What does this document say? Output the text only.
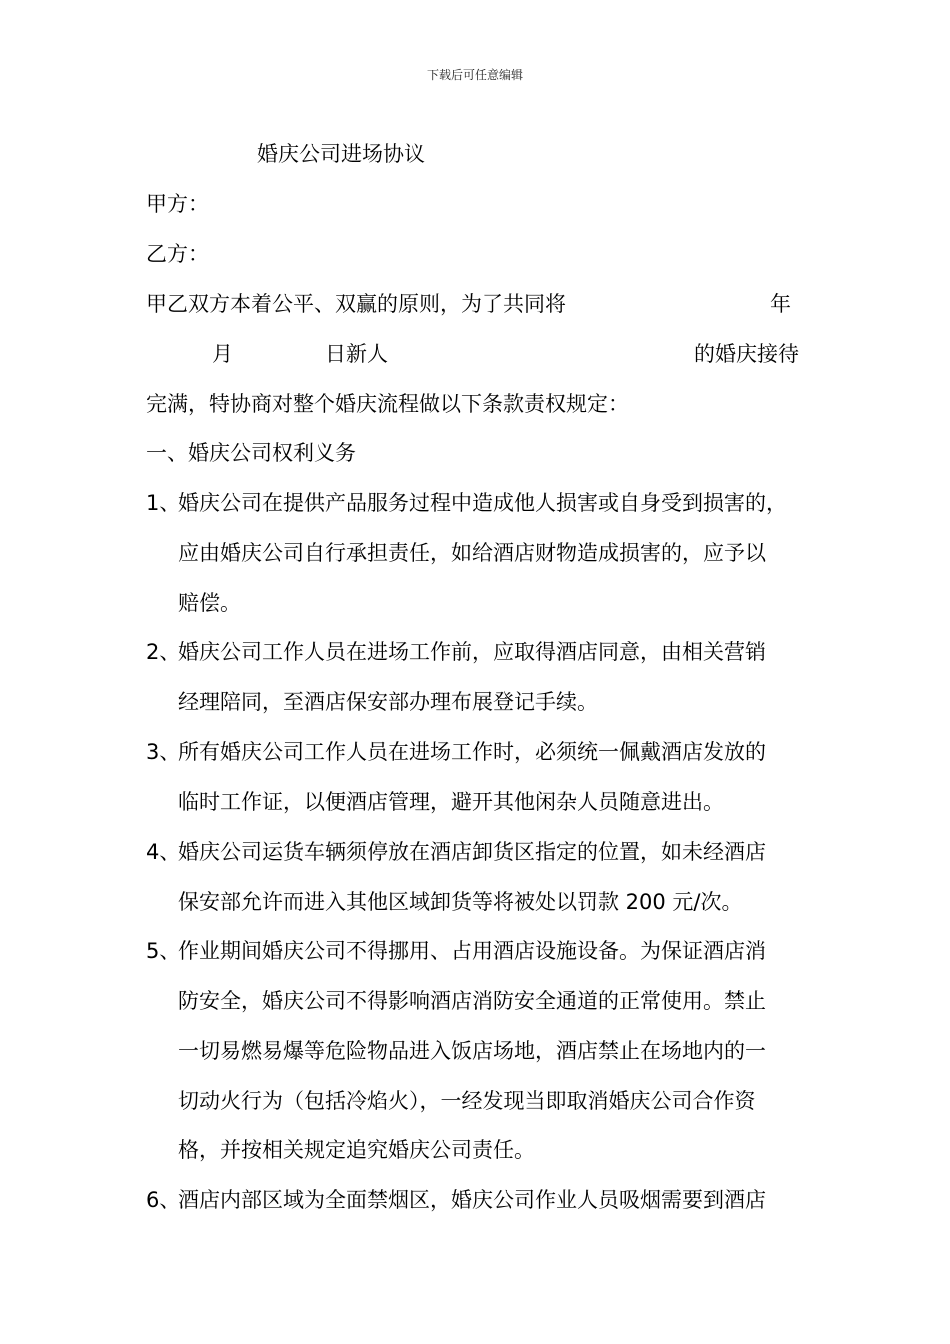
下载后可任意编辑
婚庆公司进场协议
甲方：
乙方：
甲乙双方本着公平、双赢的原则，为了共同将	年
月	日新人	的婚庆接待
完满，特协商对整个婚庆流程做以下条款责权规定：
一、婚庆公司权利义务
1、
婚庆公司在提供产品服务过程中造成他人损害或自身受到损害的，
应由婚庆公司自行承担责任，如给酒店财物造成损害的，应予以
赔偿。
2、
婚庆公司工作人员在进场工作前，应取得酒店同意，由相关营销
经理陪同，至酒店保安部办理布展登记手续。
3、
所有婚庆公司工作人员在进场工作时，必须统一佩戴酒店发放的
临时工作证，以便酒店管理，避开其他闲杂人员随意进出。
4、
婚庆公司运货车辆须停放在酒店卸货区指定的位置，如未经酒店
保安部允许而进入其他区域卸货等将被处以罚款 200 元/次。
5、
作业期间婚庆公司不得挪用、占用酒店设施设备。为保证酒店消
防安全，婚庆公司不得影响酒店消防安全通道的正常使用。禁止
一切易燃易爆等危险物品进入饭店场地，酒店禁止在场地内的一
切动火行为（包括冷焰火），一经发现当即取消婚庆公司合作资
格，并按相关规定追究婚庆公司责任。
6、
酒店内部区域为全面禁烟区，婚庆公司作业人员吸烟需要到酒店
